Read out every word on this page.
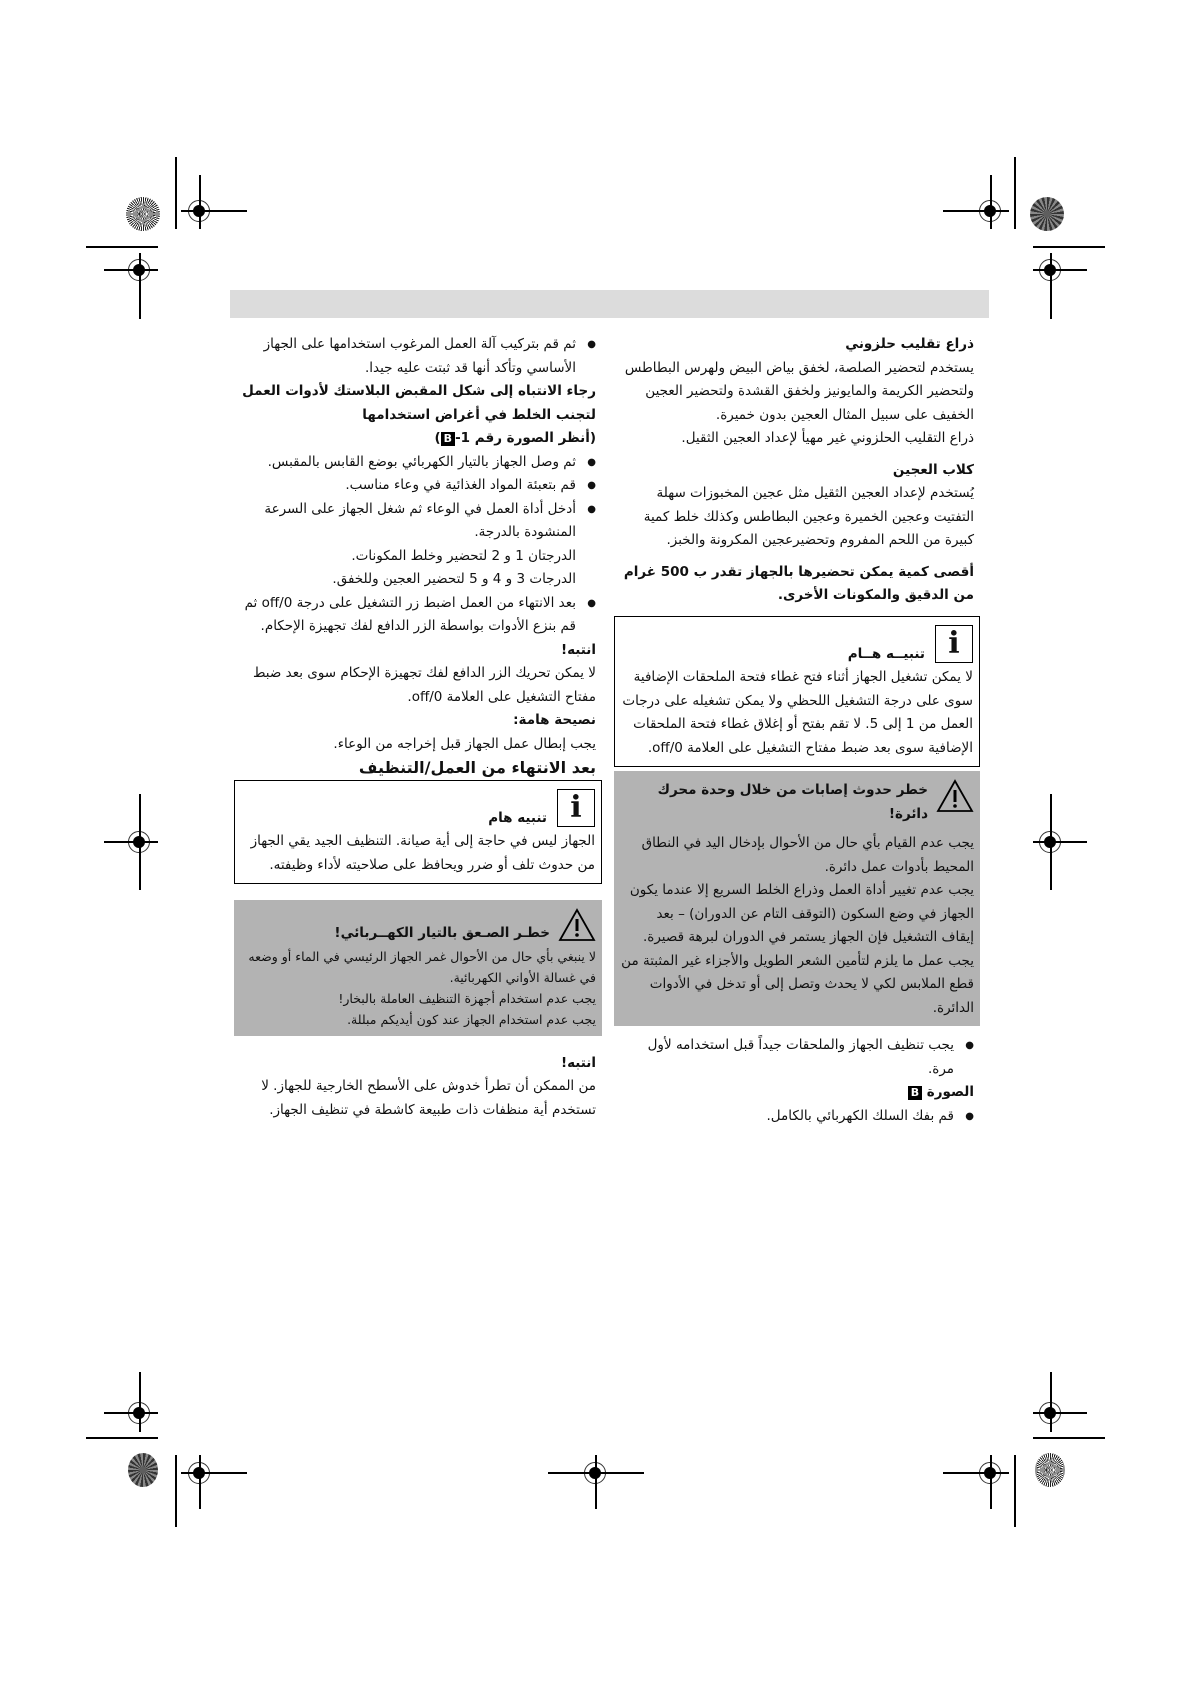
ذراع تقليب حلزوني

يستخدم لتحضير الصلصة، لخفق بياض البيض ولهرس البطاطس ولتحضير الكريمة والمايونيز ولخفق القشدة ولتحضير العجين الخفيف على سبيل المثال العجين بدون خميرة.

ذراع التقليب الحلزوني غير مهيأ لإعداد العجين الثقيل.

كلاب العجين

يُستخدم لإعداد العجين الثقيل مثل عجين المخبوزات سهلة التفتيت وعجين الخميرة وعجين البطاطس وكذلك خلط كمية كبيرة من اللحم المفروم وتحضيرعجين المكرونة والخبز.

أقصى كمية يمكن تحضيرها بالجهاز تقدر ب 500 غرام من الدقيق والمكونات الأخرى.

i
تنبيــه هــام

لا يمكن تشغيل الجهاز أثناء فتح غطاء فتحة الملحقات الإضافية سوى على درجة التشغيل اللحظي ولا يمكن تشغيله على درجات العمل من 1 إلى 5. لا تقم بفتح أو إغلاق غطاء فتحة الملحقات الإضافية سوى بعد ضبط مفتاح التشغيل على العلامة off/0.

خطر حدوث إصابات من خلال وحدة محرك دائرة!

يجب عدم القيام بأي حال من الأحوال بإدخال اليد في النطاق المحيط بأدوات عمل دائرة.

يجب عدم تغيير أداة العمل وذراع الخلط السريع إلا عندما يكون الجهاز في وضع السكون (التوقف التام عن الدوران) – بعد إيقاف التشغيل فإن الجهاز يستمر في الدوران لبرهة قصيرة.

يجب عمل ما يلزم لتأمين الشعر الطويل والأجزاء غير المثبتة من قطع الملابس لكي لا يحدث وتصل إلى أو تدخل في الأدوات الدائرة.

● يجب تنظيف الجهاز والملحقات جيداً قبل استخدامه لأول مرة.

الصورة B

● قم بفك السلك الكهربائي بالكامل.

● ثم قم بتركيب آلة العمل المرغوب استخدامها على الجهاز الأساسي وتأكد أنها قد ثبتت عليه جيدا.

رجاء الانتباه إلى شكل المقبض البلاستك لأدوات العمل لتجنب الخلط في أغراض استخدامها

(أنظر الصورة رقم 1-B)

● ثم وصل الجهاز بالتيار الكهربائي بوضع القابس بالمقبس.

● قم بتعبئة المواد الغذائية في وعاء مناسب.

● أدخل أداة العمل في الوعاء ثم شغل الجهاز على السرعة المنشودة بالدرجة.

الدرجتان 1 و 2 لتحضير وخلط المكونات.

الدرجات 3 و 4 و 5 لتحضير العجين وللخفق.

● بعد الانتهاء من العمل اضبط زر التشغيل على درجة off/0 ثم قم بنزع الأدوات بواسطة الزر الدافع لفك تجهيزة الإحكام.

انتبه!

لا يمكن تحريك الزر الدافع لفك تجهيزة الإحكام سوى بعد ضبط مفتاح التشغيل على العلامة off/0.

نصيحة هامة:

يجب إبطال عمل الجهاز قبل إخراجه من الوعاء.

بعد الانتهاء من العمل/التنظيف

i
تنبيه هام

الجهاز ليس في حاجة إلى أية صيانة. التنظيف الجيد يقي الجهاز من حدوث تلف أو ضرر ويحافظ على صلاحيته لأداء وظيفته.

خطـر الصـعق بالتيار الكهــربائي!

لا ينبغي بأي حال من الأحوال غمر الجهاز الرئيسي في الماء أو وضعه في غسالة الأواني الكهربائية.

يجب عدم استخدام أجهزة التنظيف العاملة بالبخار!

يجب عدم استخدام الجهاز عند كون أيديكم مبللة.

انتبه!

من الممكن أن تطرأ خدوش على الأسطح الخارجية للجهاز. لا تستخدم أية منظفات ذات طبيعة كاشطة في تنظيف الجهاز.
